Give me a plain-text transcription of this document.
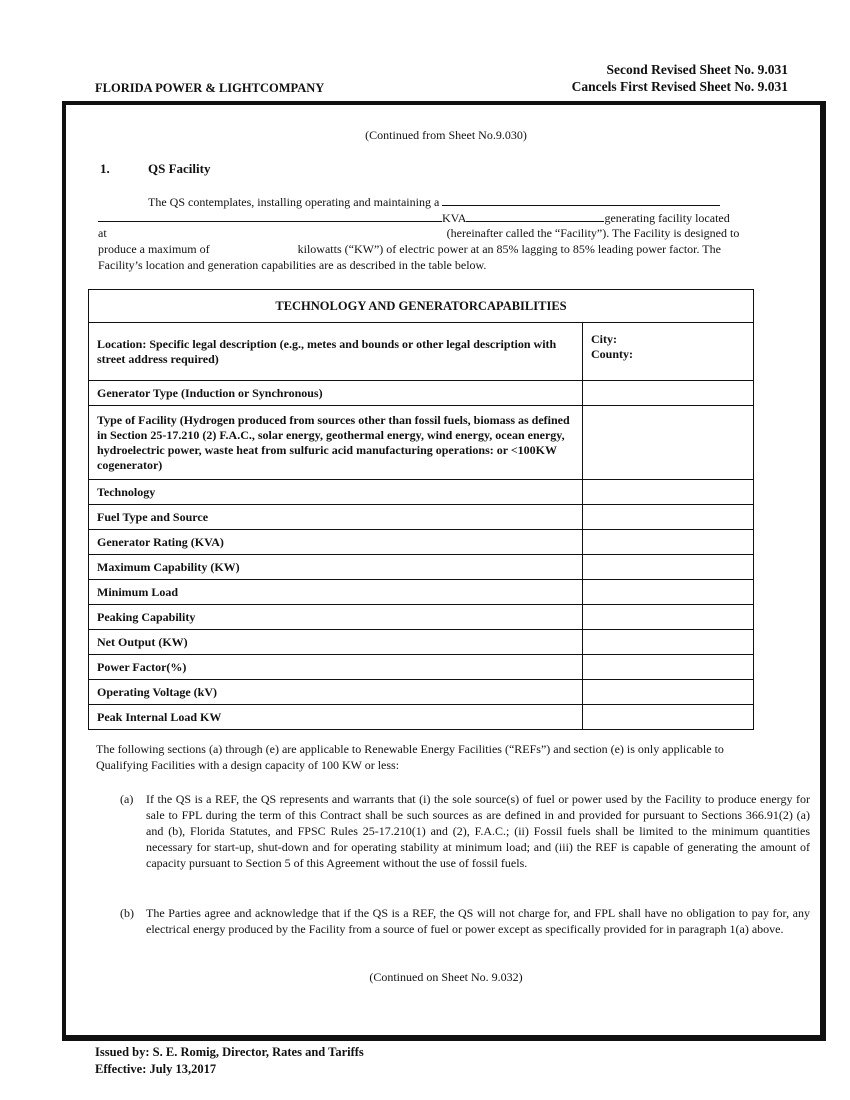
Second Revised Sheet No. 9.031
Cancels First Revised Sheet No. 9.031
FLORIDA POWER & LIGHTCOMPANY
(Continued from Sheet No.9.030)
1.	QS Facility
The QS contemplates, installing operating and maintaining a
KVA	generating facility located
at	(hereinafter called the “Facility”). The Facility is designed to
produce a maximum of	kilowatts (“KW”) of electric power at an 85% lagging to 85% leading power factor. The
Facility’s location and generation capabilities are as described in the table below.
TECHNOLOGY AND GENERATORCAPABILITIES	
Location: Specific legal description (e.g., metes and bounds or other legal description with street address required)	City:
County:

Generator Type (Induction or Synchronous)	
Type of Facility (Hydrogen produced from sources other than fossil fuels, biomass as defined in Section 25-17.210 (2) F.A.C., solar energy, geothermal energy, wind energy, ocean energy, hydroelectric power, waste heat from sulfuric acid manufacturing operations: or <100KW cogenerator)	
Technology	
Fuel Type and Source	
Generator Rating (KVA)	
Maximum Capability (KW)	
Minimum Load	
Peaking Capability	
Net Output (KW)	
Power Factor(%)	
Operating Voltage (kV)	
Peak Internal Load KW	
The following sections (a) through (e) are applicable to Renewable Energy Facilities (“REFs”) and section (e) is only applicable to Qualifying Facilities with a design capacity of 100 KW or less:
(a) If the QS is a REF, the QS represents and warrants that (i) the sole source(s) of fuel or power used by the Facility to produce energy for sale to FPL during the term of this Contract shall be such sources as are defined in and provided for pursuant to Sections 366.91(2) (a) and (b), Florida Statutes, and FPSC Rules 25-17.210(1) and (2), F.A.C.; (ii) Fossil fuels shall be limited to the minimum quantities necessary for start-up, shut-down and for operating stability at minimum load; and (iii) the REF is capable of generating the amount of capacity pursuant to Section 5 of this Agreement without the use of fossil fuels.
(b) The Parties agree and acknowledge that if the QS is a REF, the QS will not charge for, and FPL shall have no obligation to pay for, any electrical energy produced by the Facility from a source of fuel or power except as specifically provided for in paragraph 1(a) above.
(Continued on Sheet No. 9.032)
Issued by: S. E. Romig, Director, Rates and Tariffs
Effective: July 13,2017
